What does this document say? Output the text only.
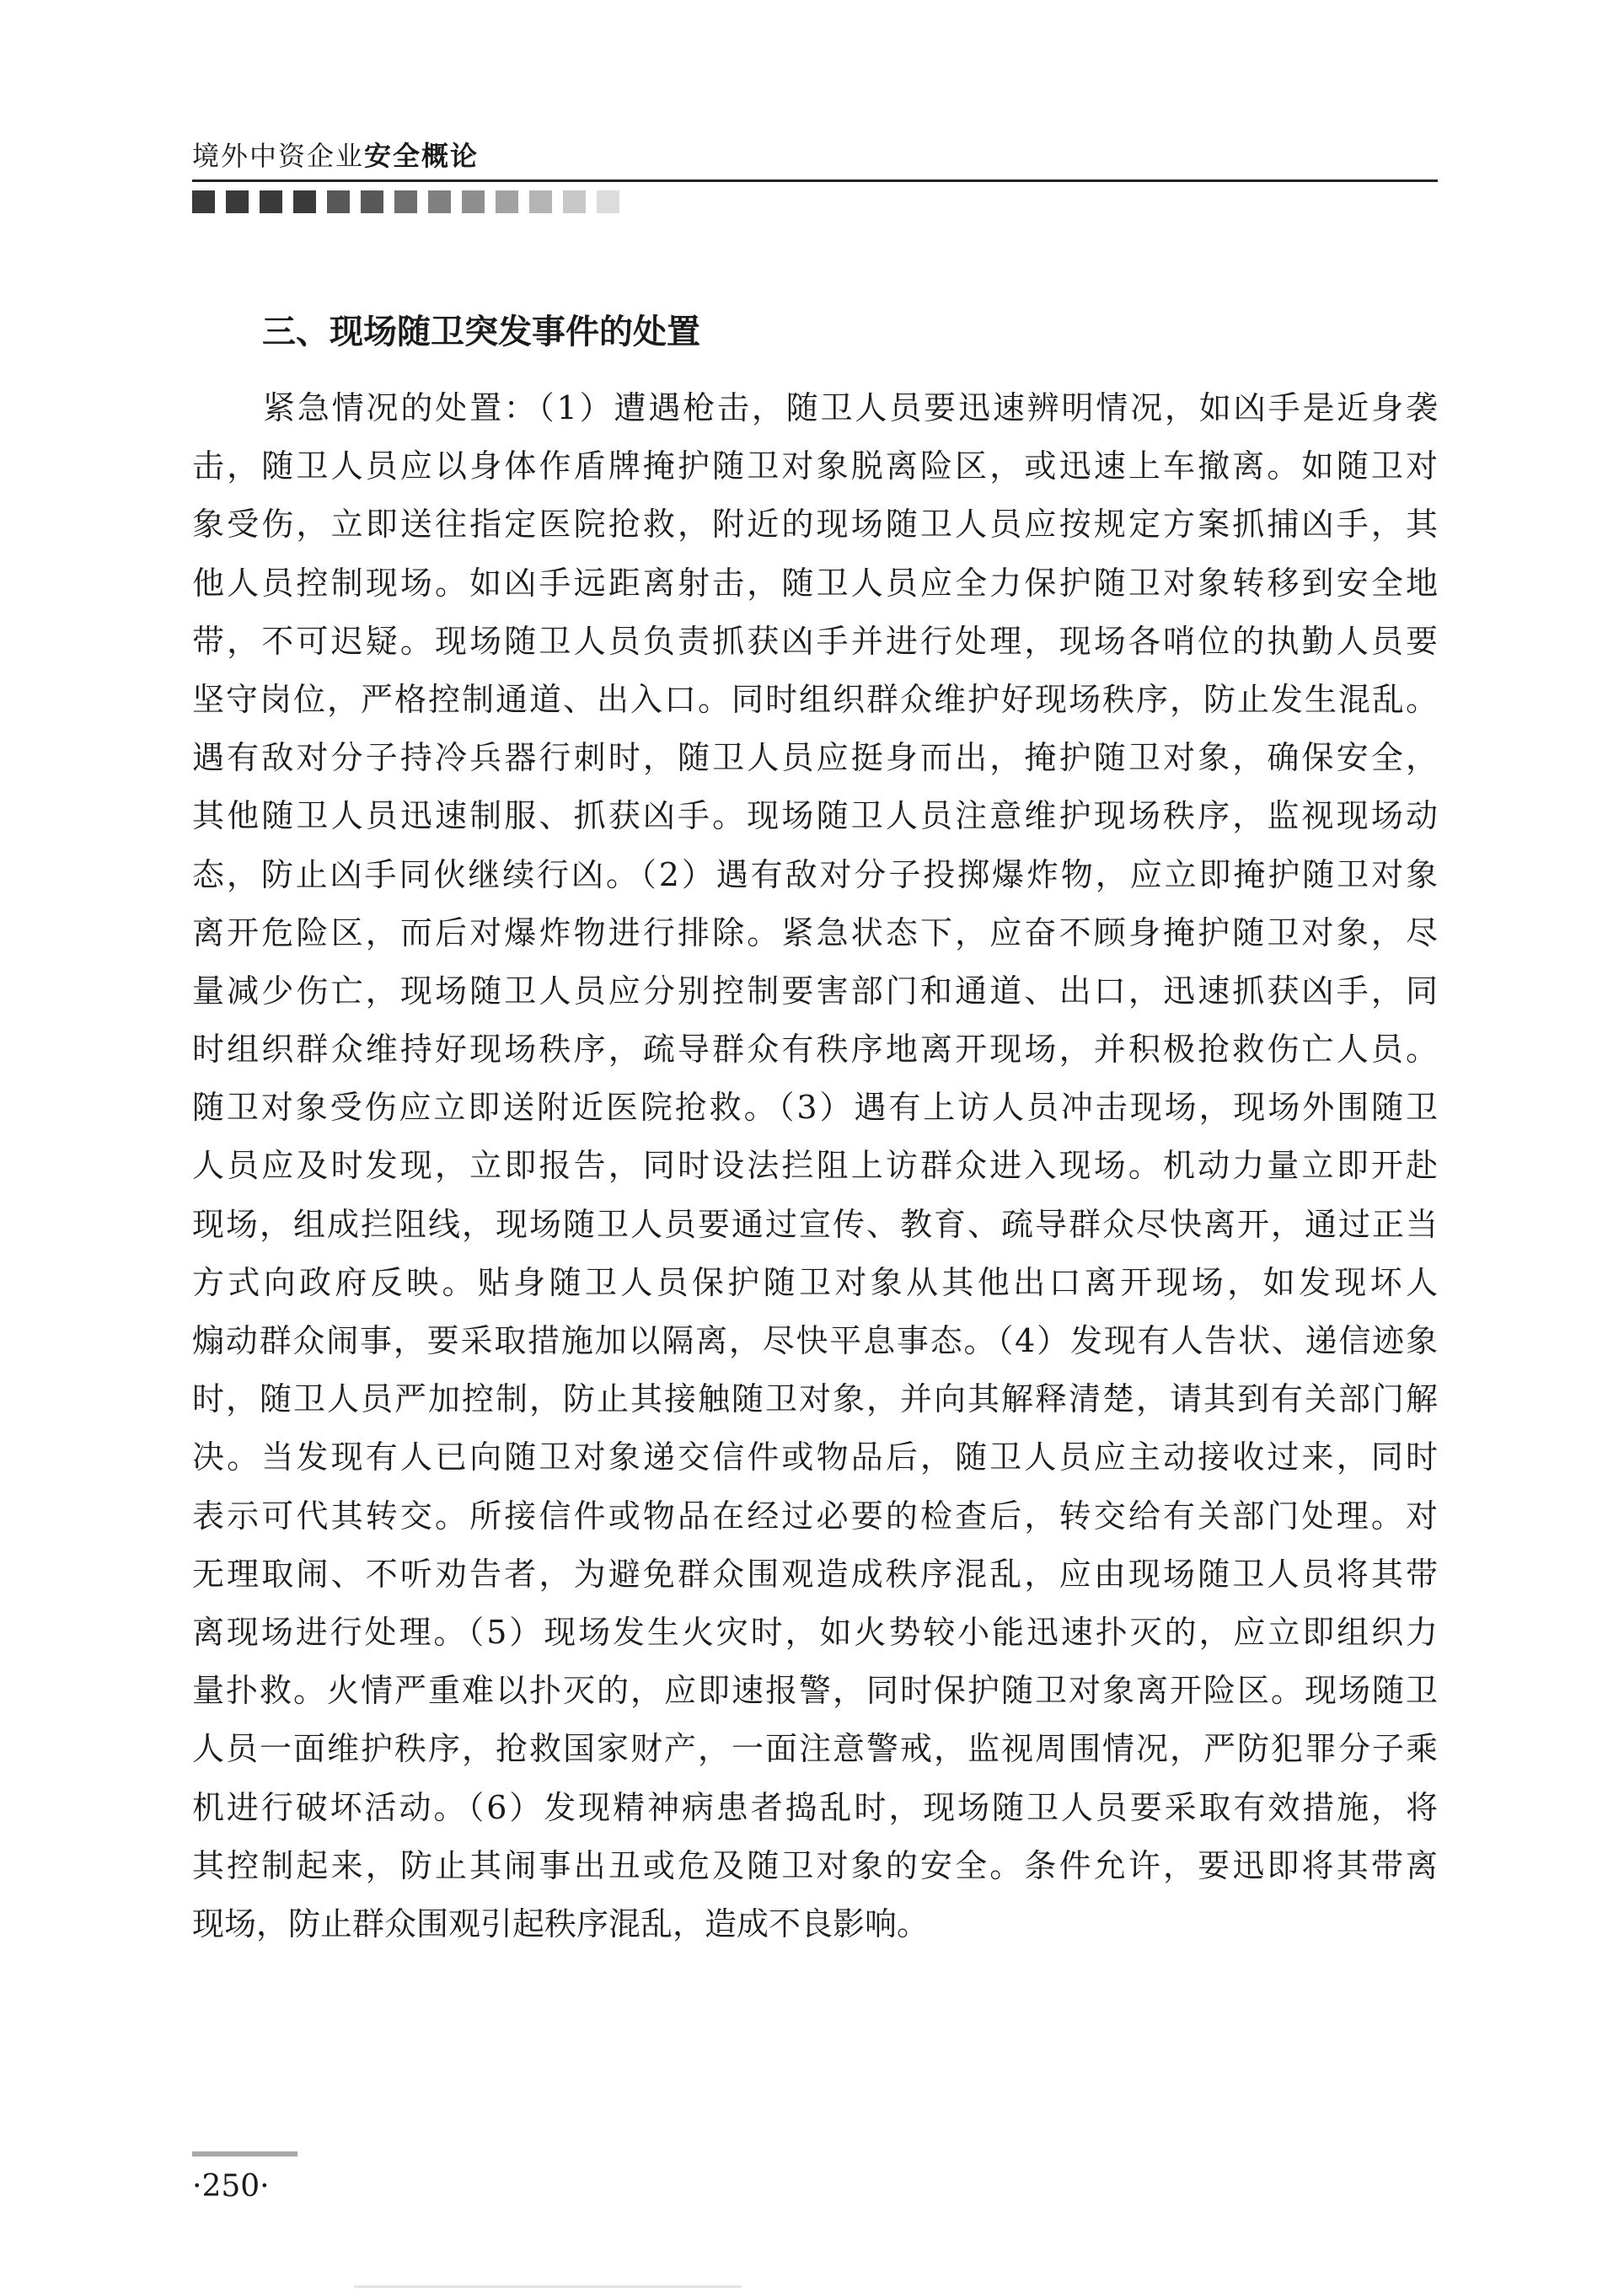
境外中资企业安全概论
三、现场随卫突发事件的处置
紧急情况的处置：（1）遭遇枪击，随卫人员要迅速辨明情况，如凶手是近身袭
击，随卫人员应以身体作盾牌掩护随卫对象脱离险区，或迅速上车撤离。如随卫对
象受伤，立即送往指定医院抢救，附近的现场随卫人员应按规定方案抓捕凶手，其
他人员控制现场。如凶手远距离射击，随卫人员应全力保护随卫对象转移到安全地
带，不可迟疑。现场随卫人员负责抓获凶手并进行处理，现场各哨位的执勤人员要
坚守岗位，严格控制通道、出入口。同时组织群众维护好现场秩序，防止发生混乱。
遇有敌对分子持冷兵器行刺时，随卫人员应挺身而出，掩护随卫对象，确保安全，
其他随卫人员迅速制服、抓获凶手。现场随卫人员注意维护现场秩序，监视现场动
态，防止凶手同伙继续行凶。（2）遇有敌对分子投掷爆炸物，应立即掩护随卫对象
离开危险区，而后对爆炸物进行排除。紧急状态下，应奋不顾身掩护随卫对象，尽
量减少伤亡，现场随卫人员应分别控制要害部门和通道、出口，迅速抓获凶手，同
时组织群众维持好现场秩序，疏导群众有秩序地离开现场，并积极抢救伤亡人员。
随卫对象受伤应立即送附近医院抢救。（3）遇有上访人员冲击现场，现场外围随卫
人员应及时发现，立即报告，同时设法拦阻上访群众进入现场。机动力量立即开赴
现场，组成拦阻线，现场随卫人员要通过宣传、教育、疏导群众尽快离开，通过正当
方式向政府反映。贴身随卫人员保护随卫对象从其他出口离开现场，如发现坏人
煽动群众闹事，要采取措施加以隔离，尽快平息事态。（4）发现有人告状、递信迹象
时，随卫人员严加控制，防止其接触随卫对象，并向其解释清楚，请其到有关部门解
决。当发现有人已向随卫对象递交信件或物品后，随卫人员应主动接收过来，同时
表示可代其转交。所接信件或物品在经过必要的检查后，转交给有关部门处理。对
无理取闹、不听劝告者，为避免群众围观造成秩序混乱，应由现场随卫人员将其带
离现场进行处理。（5）现场发生火灾时，如火势较小能迅速扑灭的，应立即组织力
量扑救。火情严重难以扑灭的，应即速报警，同时保护随卫对象离开险区。现场随卫
人员一面维护秩序，抢救国家财产，一面注意警戒，监视周围情况，严防犯罪分子乘
机进行破坏活动。（6）发现精神病患者捣乱时，现场随卫人员要采取有效措施，将
其控制起来，防止其闹事出丑或危及随卫对象的安全。条件允许，要迅即将其带离
现场，防止群众围观引起秩序混乱，造成不良影响。
·250·
